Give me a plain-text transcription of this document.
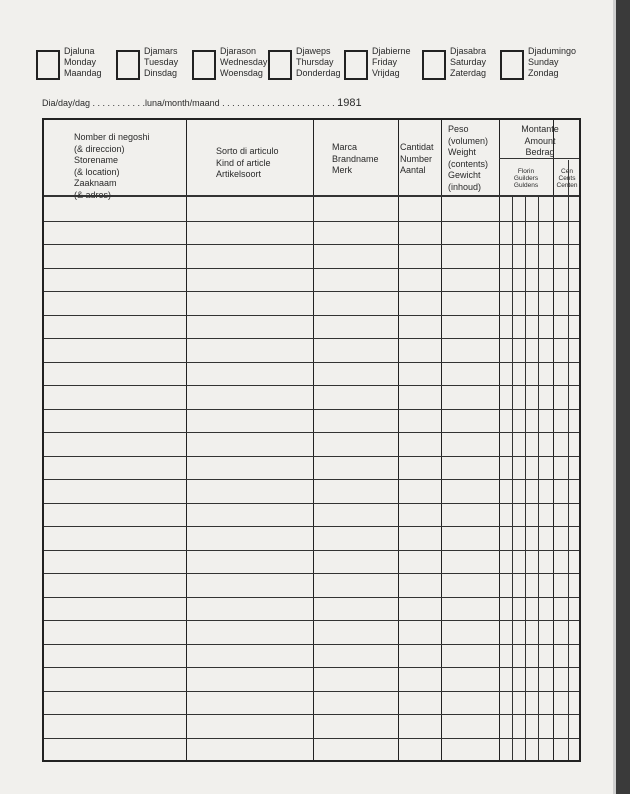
Djaluna
Monday
Maandag
Djamars
Tuesday
Dinsdag
Djarason
Wednesday
Woensdag
Djaweps
Thursday
Donderdag
Djabierne
Friday
Vrijdag
Djasabra
Saturday
Zaterdag
Djadumingo
Sunday
Zondag
Dia/day/dag . . . . . . . . . . .luna/month/maand . . . . . . . . . . . . . . . . . . . . . . . 1981
Nomber di negoshi
(& direccion)
Storename
(& location)
Zaaknaam
(& adres)
Sorto di articulo
Kind of article
Artikelsoort
Marca
Brandname
Merk
Cantidat
Number
Aantal
Peso
(volumen)
Weight
(contents)
Gewicht
(inhoud)
Montante
Amount
Bedrag
Florin
Guilders
Guldens
Cen
Cents
Centen
